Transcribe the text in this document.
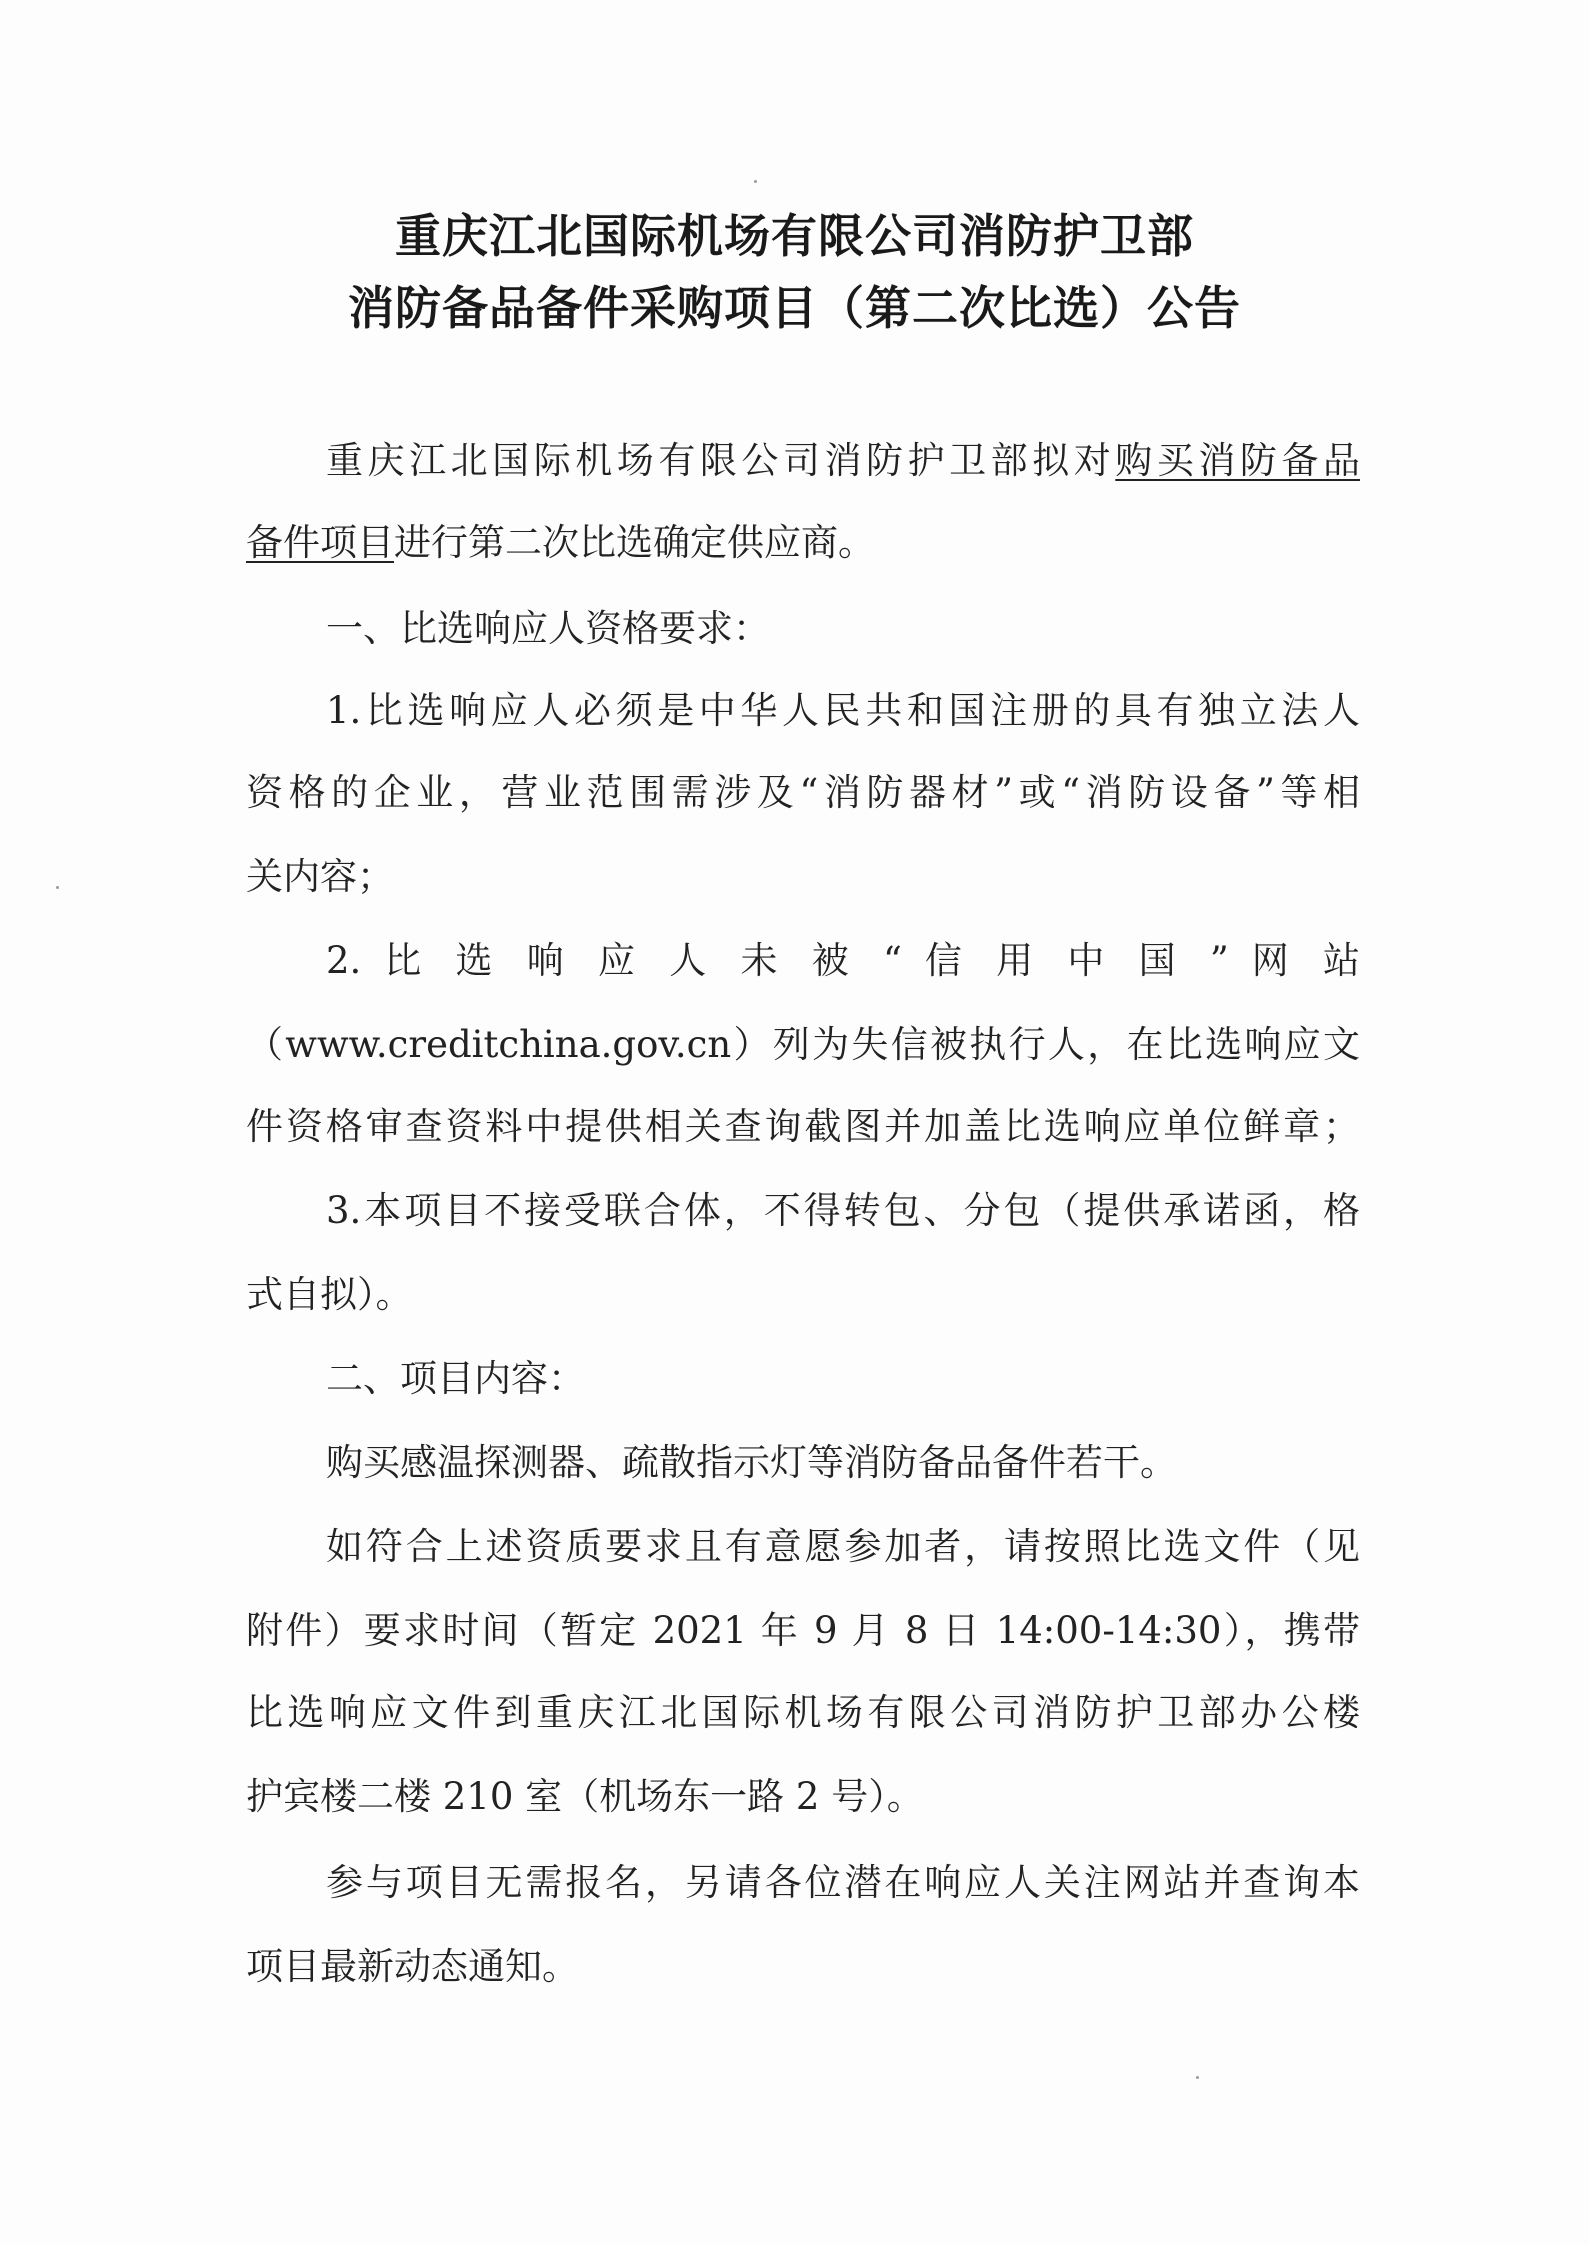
重庆江北国际机场有限公司消防护卫部
消防备品备件采购项目（第二次比选）公告
重庆江北国际机场有限公司消防护卫部拟对购买消防备品
备件项目进行第二次比选确定供应商。
一、比选响应人资格要求：
1.比选响应人必须是中华人民共和国注册的具有独立法人
资格的企业，营业范围需涉及“消防器材”或“消防设备”等相
关内容；
2. 比 选 响 应 人 未 被 “ 信 用 中 国 ” 网 站
（www.creditchina.gov.cn）列为失信被执行人，在比选响应文
件资格审查资料中提供相关查询截图并加盖比选响应单位鲜章；
3.本项目不接受联合体，不得转包、分包（提供承诺函，格
式自拟）。
二、项目内容：
购买感温探测器、疏散指示灯等消防备品备件若干。
如符合上述资质要求且有意愿参加者，请按照比选文件（见
附件）要求时间（暂定 2021 年 9 月 8 日 14:00-14:30），携带
比选响应文件到重庆江北国际机场有限公司消防护卫部办公楼
护宾楼二楼 210 室（机场东一路 2 号）。
参与项目无需报名，另请各位潜在响应人关注网站并查询本
项目最新动态通知。
